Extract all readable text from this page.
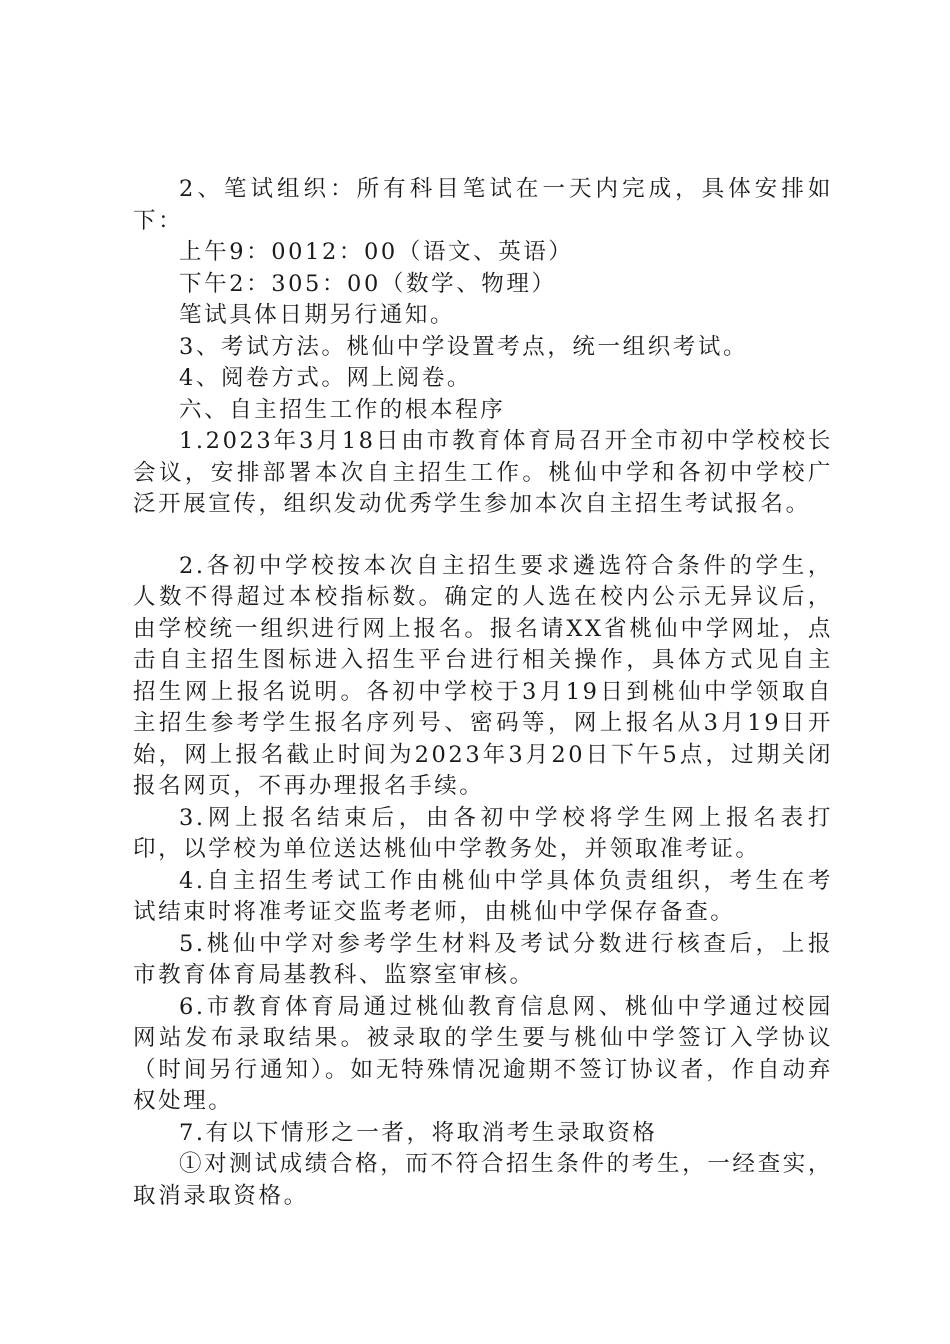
2、笔试组织：所有科目笔试在一天内完成，具体安排如下：

上午9：0012：00（语文、英语）

下午2：305：00（数学、物理）

笔试具体日期另行通知。

3、考试方法。桃仙中学设置考点，统一组织考试。

4、阅卷方式。网上阅卷。

六、自主招生工作的根本程序

1.2023年3月18日由市教育体育局召开全市初中学校校长会议，安排部署本次自主招生工作。桃仙中学和各初中学校广泛开展宣传，组织发动优秀学生参加本次自主招生考试报名。

2.各初中学校按本次自主招生要求遴选符合条件的学生，人数不得超过本校指标数。确定的人选在校内公示无异议后，由学校统一组织进行网上报名。报名请XX省桃仙中学网址，点击自主招生图标进入招生平台进行相关操作，具体方式见自主招生网上报名说明。各初中学校于3月19日到桃仙中学领取自主招生参考学生报名序列号、密码等，网上报名从3月19日开始，网上报名截止时间为2023年3月20日下午5点，过期关闭报名网页，不再办理报名手续。

3.网上报名结束后，由各初中学校将学生网上报名表打印，以学校为单位送达桃仙中学教务处，并领取准考证。

4.自主招生考试工作由桃仙中学具体负责组织，考生在考试结束时将准考证交监考老师，由桃仙中学保存备查。

5.桃仙中学对参考学生材料及考试分数进行核查后，上报市教育体育局基教科、监察室审核。

6.市教育体育局通过桃仙教育信息网、桃仙中学通过校园网站发布录取结果。被录取的学生要与桃仙中学签订入学协议（时间另行通知）。如无特殊情况逾期不签订协议者，作自动弃权处理。

7.有以下情形之一者，将取消考生录取资格

①对测试成绩合格，而不符合招生条件的考生，一经查实，取消录取资格。
